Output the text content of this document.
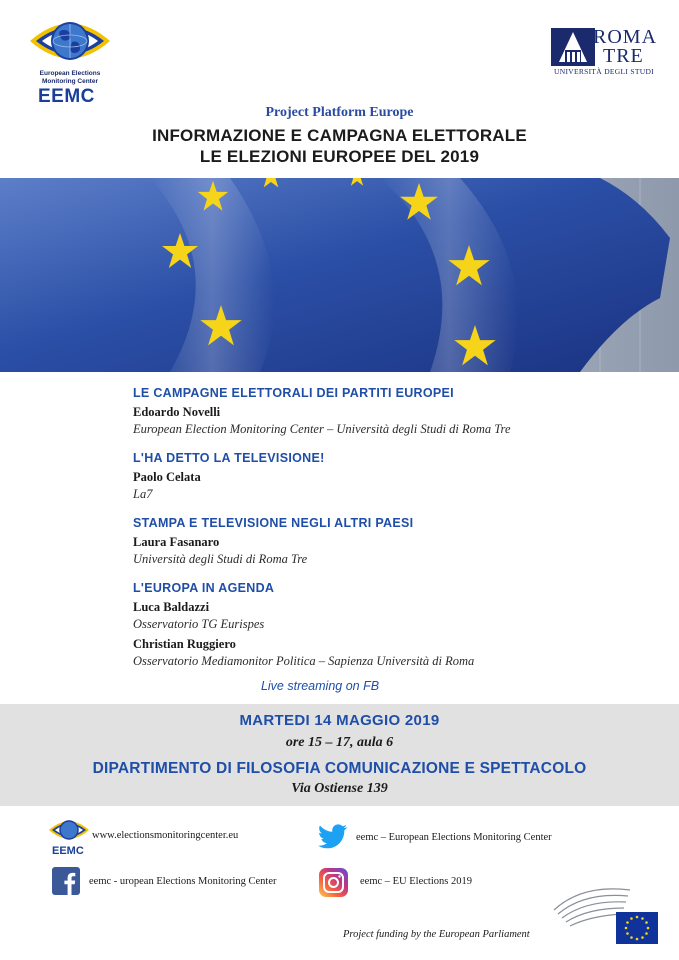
European Elections
Monitoring Center
EEMC
ROMA
TRE
UNIVERSITÀ DEGLI STUDI
Project Platform Europe
INFORMAZIONE E CAMPAGNA ELETTORALE
LE ELEZIONI EUROPEE DEL 2019
LE CAMPAGNE ELETTORALI DEI PARTITI EUROPEI
Edoardo Novelli
European Election Monitoring Center – Università degli Studi di Roma Tre
L'HA DETTO LA TELEVISIONE!
Paolo Celata
La7
STAMPA E TELEVISIONE NEGLI ALTRI PAESI
Laura Fasanaro
Università degli Studi di Roma Tre
L'EUROPA IN AGENDA
Luca Baldazzi
Osservatorio TG Eurispes
Christian Ruggiero
Osservatorio Mediamonitor Politica – Sapienza Università di Roma
Live streaming on FB
MARTEDI 14 MAGGIO 2019
ore 15 – 17, aula 6
DIPARTIMENTO DI FILOSOFIA COMUNICAZIONE E SPETTACOLO
Via Ostiense 139
EEMC
www.electionsmonitoringcenter.eu	eemc – European Elections Monitoring Center
eemc - uropean Elections Monitoring Center	eemc – EU Elections 2019
Project funding by the European Parliament
